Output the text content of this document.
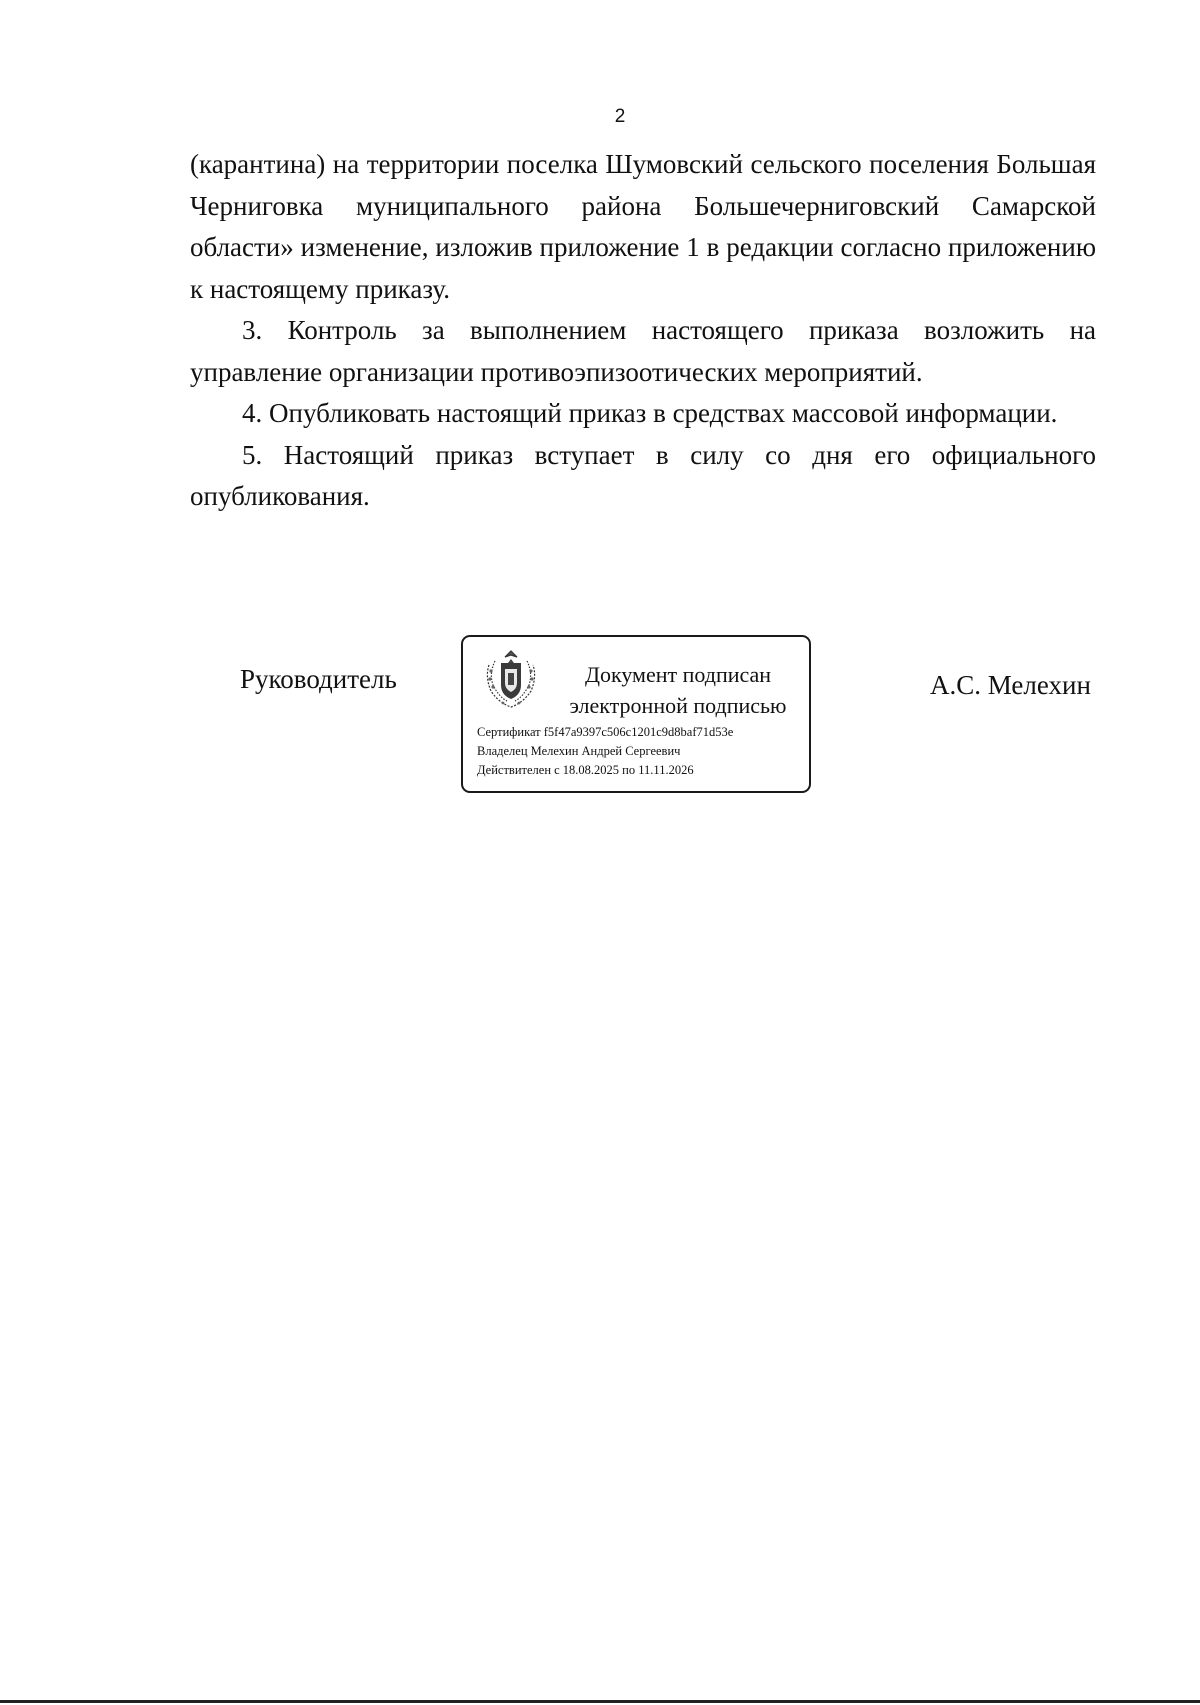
2

(карантина) на территории поселка Шумовский сельского поселения Большая Черниговка муниципального района Большечерниговский Самарской области» изменение, изложив приложение 1 в редакции согласно приложению к настоящему приказу.

3. Контроль за выполнением настоящего приказа возложить на управление организации противоэпизоотических мероприятий.

4. Опубликовать настоящий приказ в средствах массовой информации.

5. Настоящий приказ вступает в силу со дня его официального опубликования.

Руководитель	Документ подписан
электронной подписью
Сертификат f5f47a9397c506c1201c9d8baf71d53e
Владелец Мелехин Андрей Сергеевич
Действителен с 18.08.2025 по 11.11.2026
А.С. Мелехин
